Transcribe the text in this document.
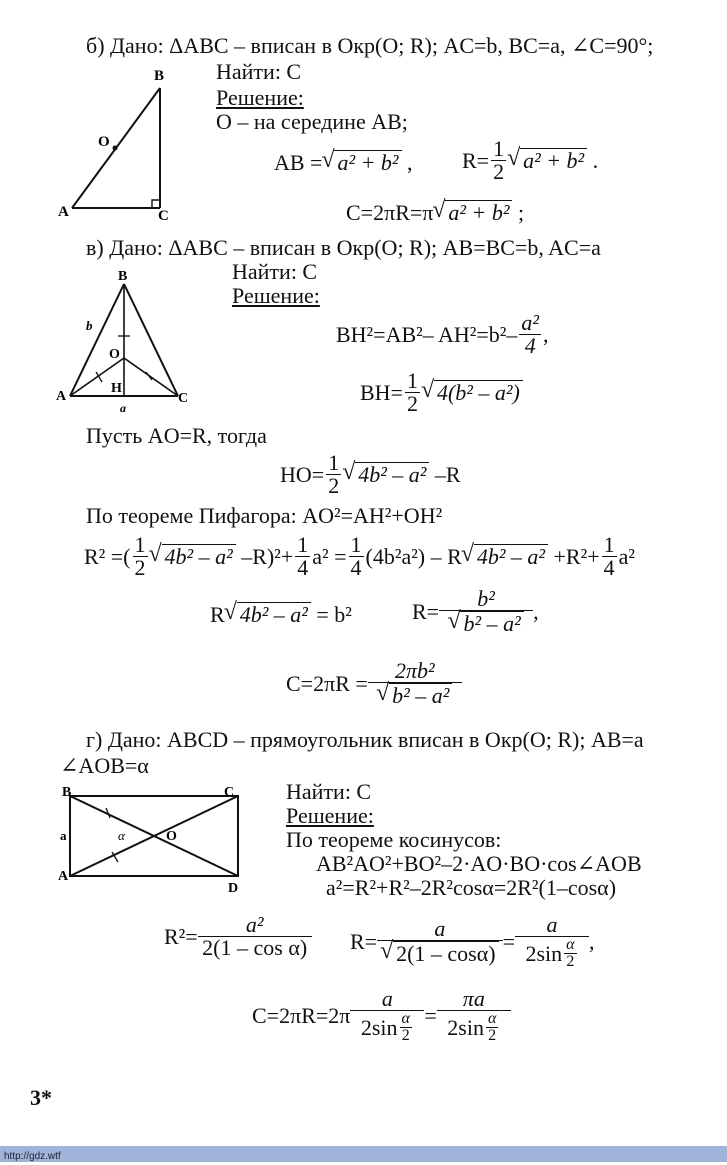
б) Дано: ΔABC – вписан в Окр(O; R); AC=b, BC=a, ∠C=90°;
Найти: C
Решение:
O – на середине AB;
AB = √ a² + b² , $R= \frac{1}{2}$ √ a² + b² .
C=2πR=π √ a² + b² ;
A
B
C
O
в) Дано: ΔABC – вписан в Окр(O; R); AB=BC=b, AC=a
Найти: C
Решение:
BH²=AB²– $AH^2=b^2- \frac{\text{a²}}{4}$ ,
$BH= \frac{1}{2}$ √ 4(b² – a²)
A
B
C
O
H
a
b
Пусть AO=R, тогда
$HO= \frac{1}{2}$ √ 4b² – a²
–R
По теореме Пифагора: AO²=AH²+OH²
R² =( $\frac{1}{2}$ √ 4b² – a²
$-R)^2+ \frac{1}{4} a^2 = \frac{1}{4} (4b^2a^2) - R$ √ 4b² – a²
$+R^2+ \frac{1}{4} a^2$
R √ 4b² – a² = b²	R= b²
√ b² – a² ,
C=2πR = 2πb²
√ b² – a²
г) Дано: ABCD – прямоугольник вписан в Окр(O; R); AB=a
∠AOB=α
Найти: C
Решение:
По теореме косинусов:
AB²AO²+BO²–2·AO·BO·cos∠AOB
a²=R²+R²–2R²cosα=2R²(1–cosα)
B	C
A
D
O
a	α
$R^2= \frac{\text{a²}}{\text{2(1 – cos α)}} R= a$
√ $2(1 - \cos\alpha) = \frac{a}{2\sin \frac{\alpha}{2}}$ ,
$C=2\pi R=2\pi \frac{a}{2\sin \frac{\alpha}{2}} = \frac{\pi a}{2\sin \frac{\alpha}{2}}$
3*
http://gdz.wtf
